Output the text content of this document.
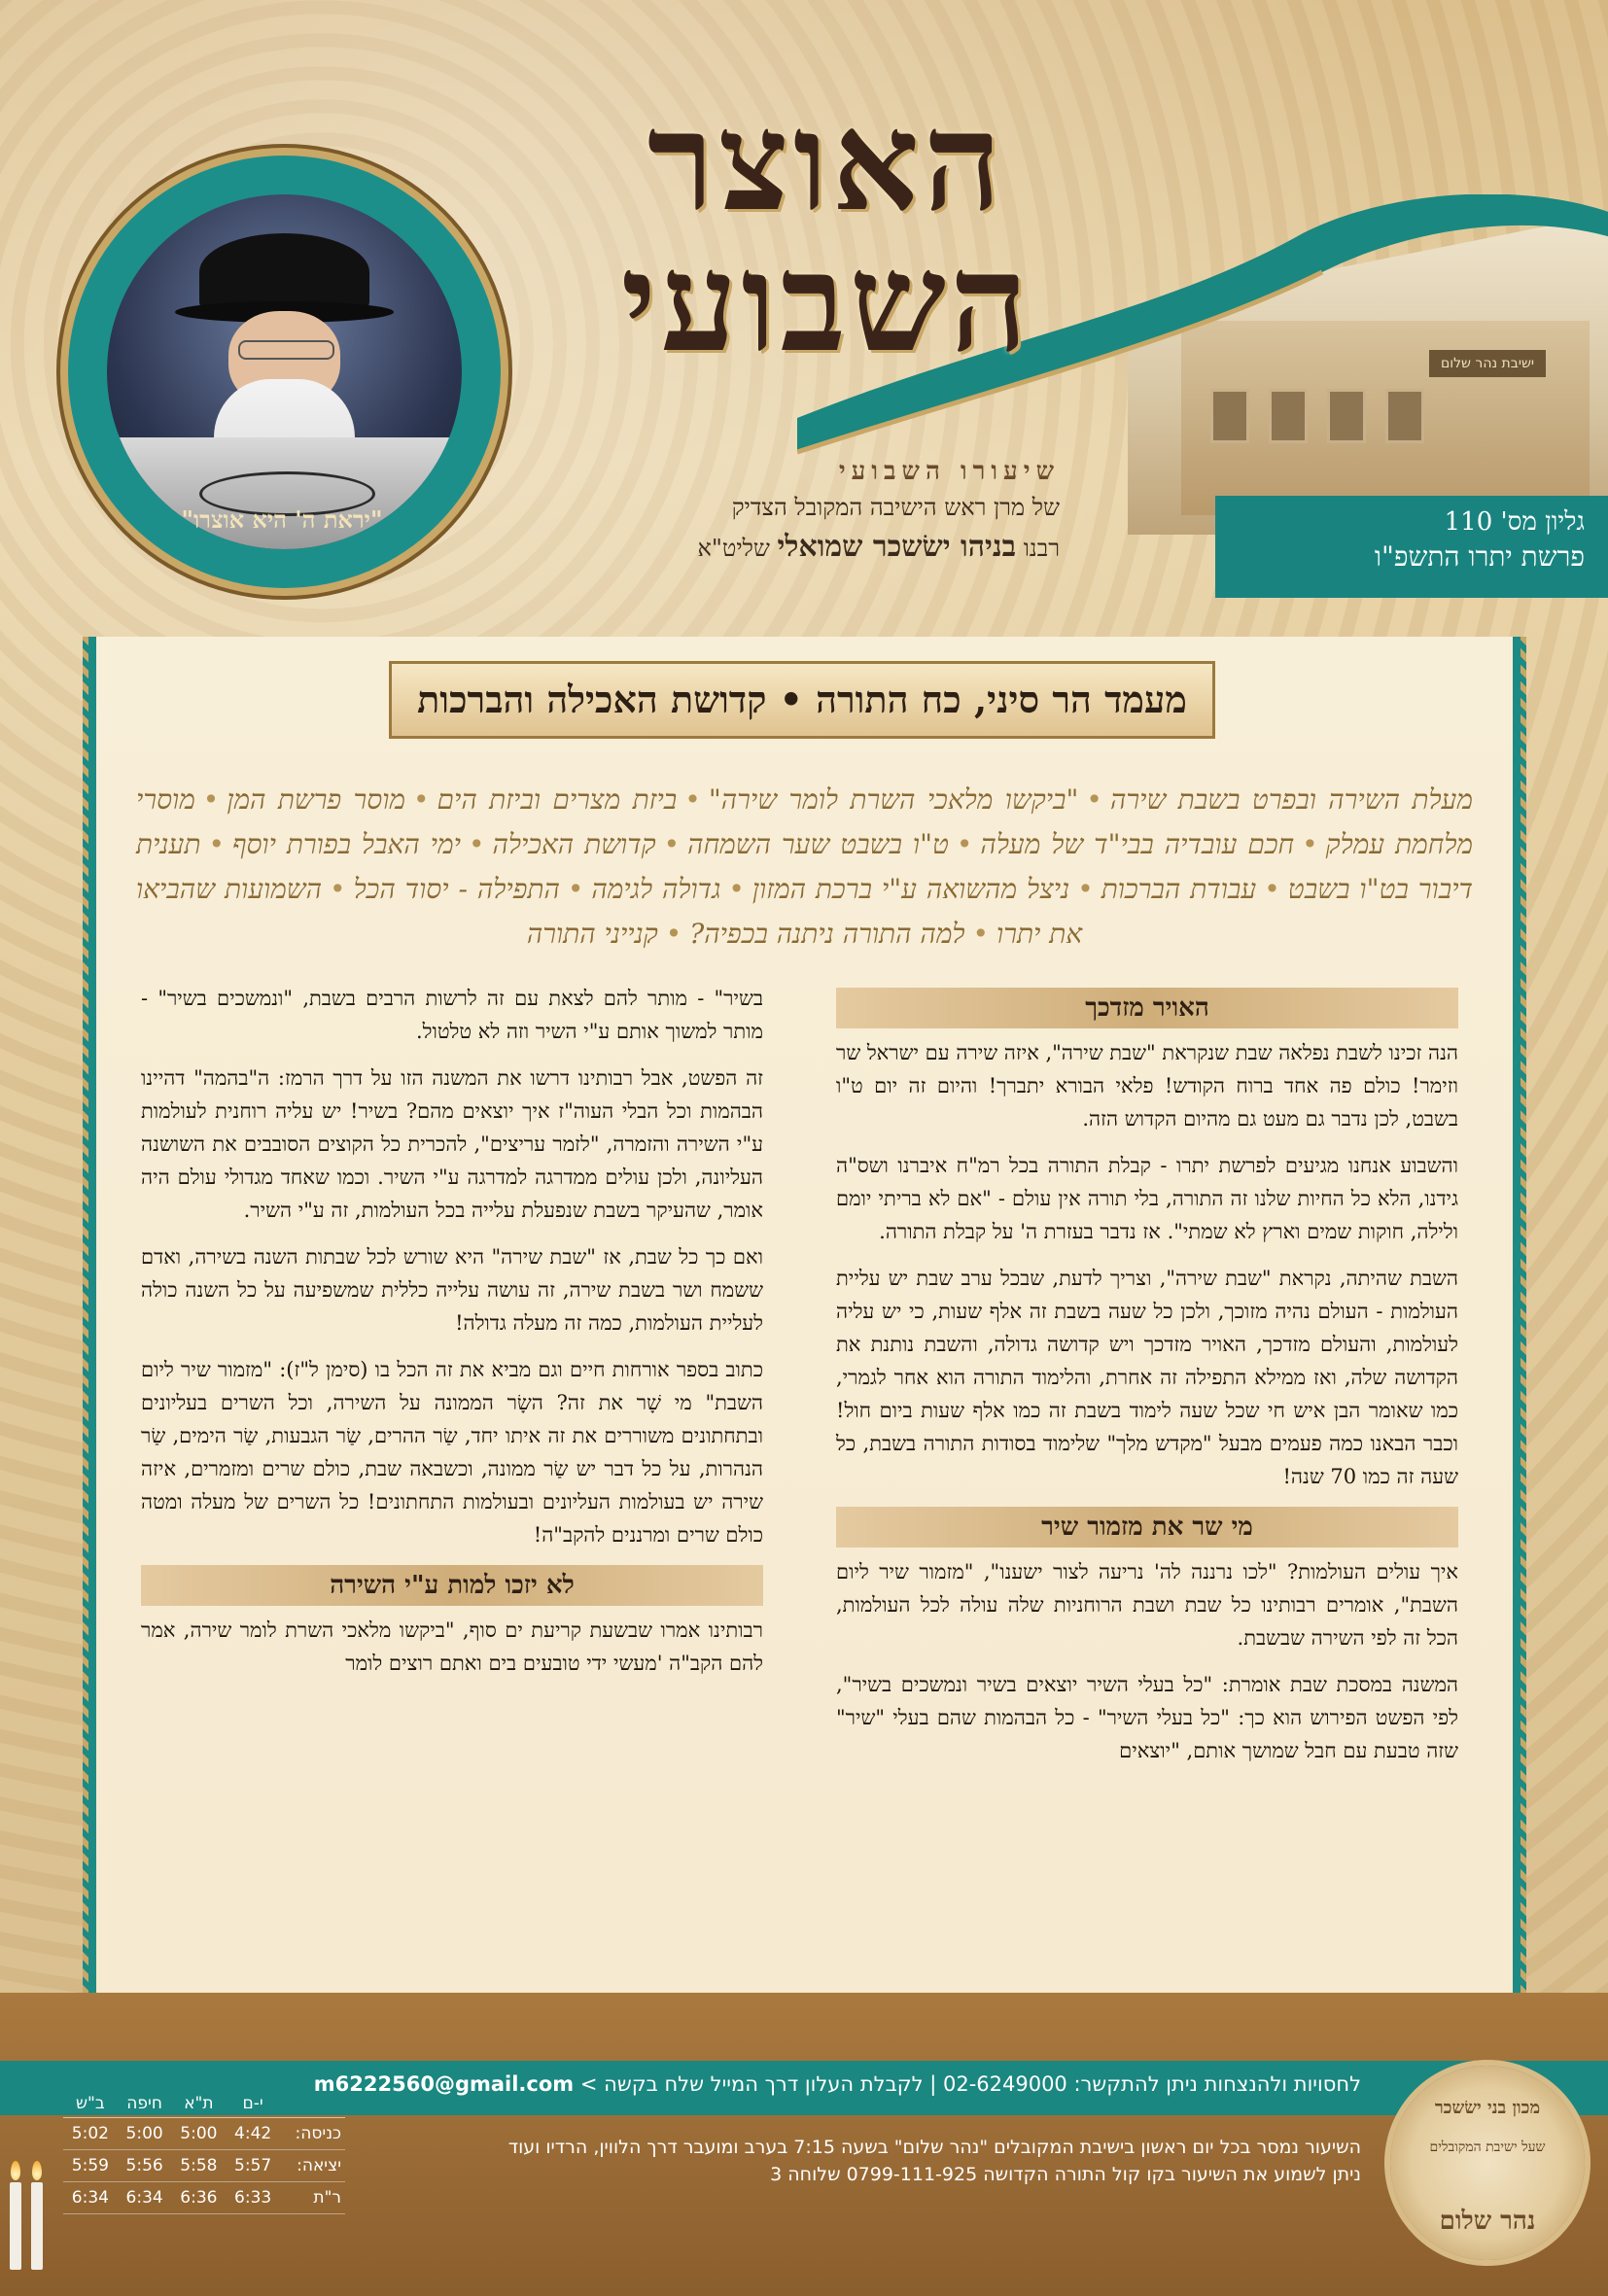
ישיבת נהר שלום
האוצר
השבועי
"יראת ה' היא אוצרו"
שיעורו השבועי
של מרן ראש הישיבה המקובל הצדיק
רבנו בניהו ישׂשכר שמואלי שליט"א
גליון מס' 110
פרשת יתרו התשפ"ו
מעמד הר סיני, כח התורה • קדושת האכילה והברכות
מעלת השירה ובפרט בשבת שירה•"ביקשו מלאכי השרת לומר שירה"•ביזת מצרים וביזת הים•מוסר פרשת המן•מוסרי מלחמת עמלק•חכם עובדיה בבי"ד של מעלה•ט"ו בשבט שער השמחה•קדושת האכילה•ימי האבל בפורת יוסף•תענית דיבור בט"ו בשבט•עבודת הברכות•ניצל מהשואה ע"י ברכת המזון•גדולה לגימה•התפילה - יסוד הכל•השמועות שהביאו את יתרו•למה התורה ניתנה בכפיה?•קנייני התורה
האויר מזדכך

הנה זכינו לשבת נפלאה שבת שנקראת "שבת שירה", איזה שירה עם ישראל שר וזימר! כולם פה אחד ברוח הקודש! פלאי הבורא יתברך! והיום זה יום ט"ו בשבט, לכן נדבר גם מעט גם מהיום הקדוש הזה.

והשבוע אנחנו מגיעים לפרשת יתרו - קבלת התורה בכל רמ"ח איברנו ושס"ה גידנו, הלא כל החיות שלנו זה התורה, בלי תורה אין עולם - "אם לא בריתי יומם ולילה, חוקות שמים וארץ לא שמתי". אז נדבר בעזרת ה' על קבלת התורה.

השבת שהיתה, נקראת "שבת שירה", וצריך לדעת, שבכל ערב שבת יש עליית העולמות - העולם נהיה מזוכך, ולכן כל שעה בשבת זה אלף שעות, כי יש עליה לעולמות, והעולם מזדכך, האויר מזדכך ויש קדושה גדולה, והשבת נותנת את הקדושה שלה, ואז ממילא התפילה זה אחרת, והלימוד התורה הוא אחר לגמרי, כמו שאומר הבן איש חי שכל שעה לימוד בשבת זה כמו אלף שעות ביום חול! וכבר הבאנו כמה פעמים מבעל "מקדש מלך" שלימוד בסודות התורה בשבת, כל שעה זה כמו 70 שנה!

מי שר את מזמור שיר

איך עולים העולמות? "לכו נרננה לה' נריעה לצור ישענו", "מזמור שיר ליום השבת", אומרים רבותינו כל שבת ושבת הרוחניות שלה עולה לכל העולמות, הכל זה לפי השירה שבשבת.

המשנה במסכת שבת אומרת: "כל בעלי השיר יוצאים בשיר ונמשכים בשיר", לפי הפשט הפירוש הוא כך: "כל בעלי השיר" - כל הבהמות שהם בעלי "שיר" שזה טבעת עם חבל שמושך אותם, "יוצאים

בשיר" - מותר להם לצאת עם זה לרשות הרבים בשבת, "ונמשכים בשיר" - מותר למשוך אותם ע"י השיר וזה לא טלטול.

זה הפשט, אבל רבותינו דרשו את המשנה הזו על דרך הרמז: ה"בהמה" דהיינו הבהמות וכל הבלי העוה"ז איך יוצאים מהם? בשיר! יש עליה רוחנית לעולמות ע"י השירה והזמרה, "לזמר עריצים", להכרית כל הקוצים הסובבים את השושנה העליונה, ולכן עולים ממדרגה למדרגה ע"י השיר. וכמו שאחד מגדולי עולם היה אומר, שהעיקר בשבת שנפעלת עלייה בכל העולמות, זה ע"י השיר.

ואם כך כל שבת, אז "שבת שירה" היא שורש לכל שבתות השנה בשירה, ואדם ששמח ושר בשבת שירה, זה עושה עלייה כללית שמשפיעה על כל השנה כולה לעליית העולמות, כמה זה מעלה גדולה!

כתוב בספר אורחות חיים וגם מביא את זה הכל בו (סימן ל"ז): "מזמור שיר ליום השבת" מי שָׁר את זה? השָׂר הממונה על השירה, וכל השרים בעליונים ובתחתונים משוררים את זה איתו יחד, שַׂר ההרים, שַׂר הגבעות, שַׂר הימים, שַׂר הנהרות, על כל דבר יש שַׂר ממונה, וכשבאה שבת, כולם שרים ומזמרים, איזה שירה יש בעולמות העליונים ובעולמות התחתונים! כל השרים של מעלה ומטה כולם שרים ומרננים להקב"ה!

לא יזכו למות ע"י השירה

רבותינו אמרו שבשעת קריעת ים סוף, "ביקשו מלאכי השרת לומר שירה, אמר להם הקב"ה 'מעשי ידי טובעים בים ואתם רוצים לומר

לחסויות ולהנצחות ניתן להתקשר: 02-6249000 | לקבלת העלון דרך המייל שלח בקשה > m6222560@gmail.com
השיעור נמסר בכל יום ראשון בישיבת המקובלים "נהר שלום" בשעה 7:15 בערב ומועבר דרך הלווין, הרדיו ועוד
ניתן לשמוע את השיעור בקו קול התורה הקדושה 0799-111-925 שלוחה 3
מכון בני ישׂשכר
שעל ישיבת המקובלים
נהר שלום
ב"ש	חיפה	ת"א	י-ם	
5:02	5:00	5:00	4:42	כניסה:
5:59	5:56	5:58	5:57	יציאה:
6:34	6:34	6:36	6:33	ר"ת
